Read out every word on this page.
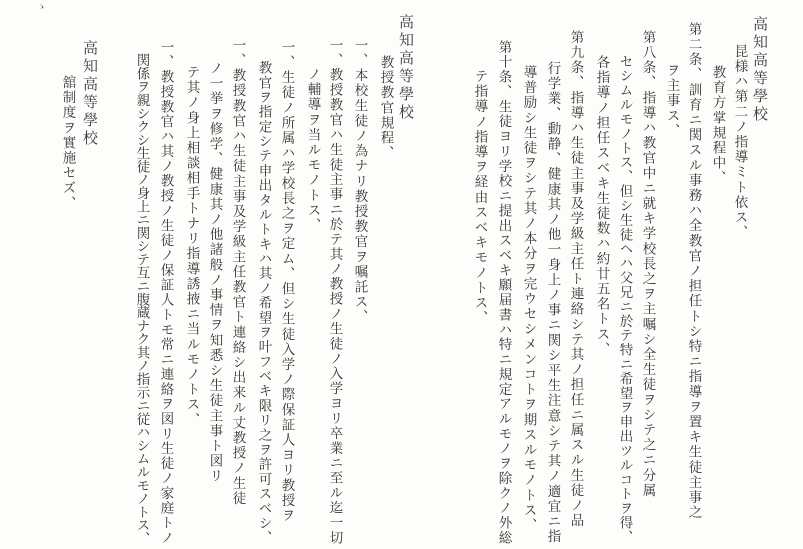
ゝ
高知高等學校
昆様ハ第二ノ指導ミト依ス、
　教育方掌規程中、
第二条、訓育ニ関スル事務ハ全教官ノ担任トシ特ニ指導ヲ置キ生徒主事之
　ヲ主事ス、
第八条、指導ハ教官中ニ就キ学校長之ヲ主嘱シ全生徒ヲシテ之ニ分属
　セシムルモノトス、但シ生徒ヘハ父兄ニ於テ特ニ希望ヲ申出ツルコトヲ得、
　各指導ノ担任スベキ生徒数ハ約廿五名トス、
第九条、指導ハ生徒主事及学級主任ト連絡シテ其ノ担任ニ属スル生徒ノ品
　行学業、動静、健康其ノ他一身上ノ事ニ関シ平生注意シテ其ノ適宜ニ指
　導普励シ生徒ヲシテ其ノ本分ヲ完ウセシメンコトヲ期スルモノトス、
第十条、生徒ヨリ学校ニ提出スベキ願届書ハ特ニ規定アルモノヲ除クノ外総
　テ指導ノ指導ヲ経由スベキモノトス、
高知高等學校
　教授教官規程、
一、本校生徒ノ為ナリ教授教官ヲ嘱託ス、
一、教授教官ハ生徒主事ニ於テ其ノ教授ノ生徒ノ入学ヨリ卒業ニ至ル迄一切
　ノ輔導ヲ当ルモノトス、
一、生徒ノ所属ハ学校長之ヲ定ム、但シ生徒入学ノ際保証人ヨリ教授ヲ
　教官ヲ指定シテ申出タルトキハ其ノ希望ヲ叶フベキ限リ之ヲ許可スベシ、
一、教授教官ハ生徒主事及学級主任教官ト連絡シ出来ル丈教授ノ生徒
　ノ一挙ヲ修学、健康其ノ他諸般ノ事情ヲ知悉シ生徒主事ト図リ
　テ其ノ身上相談相手トナリ指導誘掖ニ当ルモノトス、
一、教授教官ハ其ノ教授ノ生徒ノ保証人トモ常ニ連絡ヲ図リ生徒ノ家庭トノ
　関係ヲ親シクシ生徒ノ身上ニ関シテ互ニ腹蔵ナク其ノ指示ニ従ハシムルモノトス、
高知高等學校
　舘制度ヲ實施セズ、
